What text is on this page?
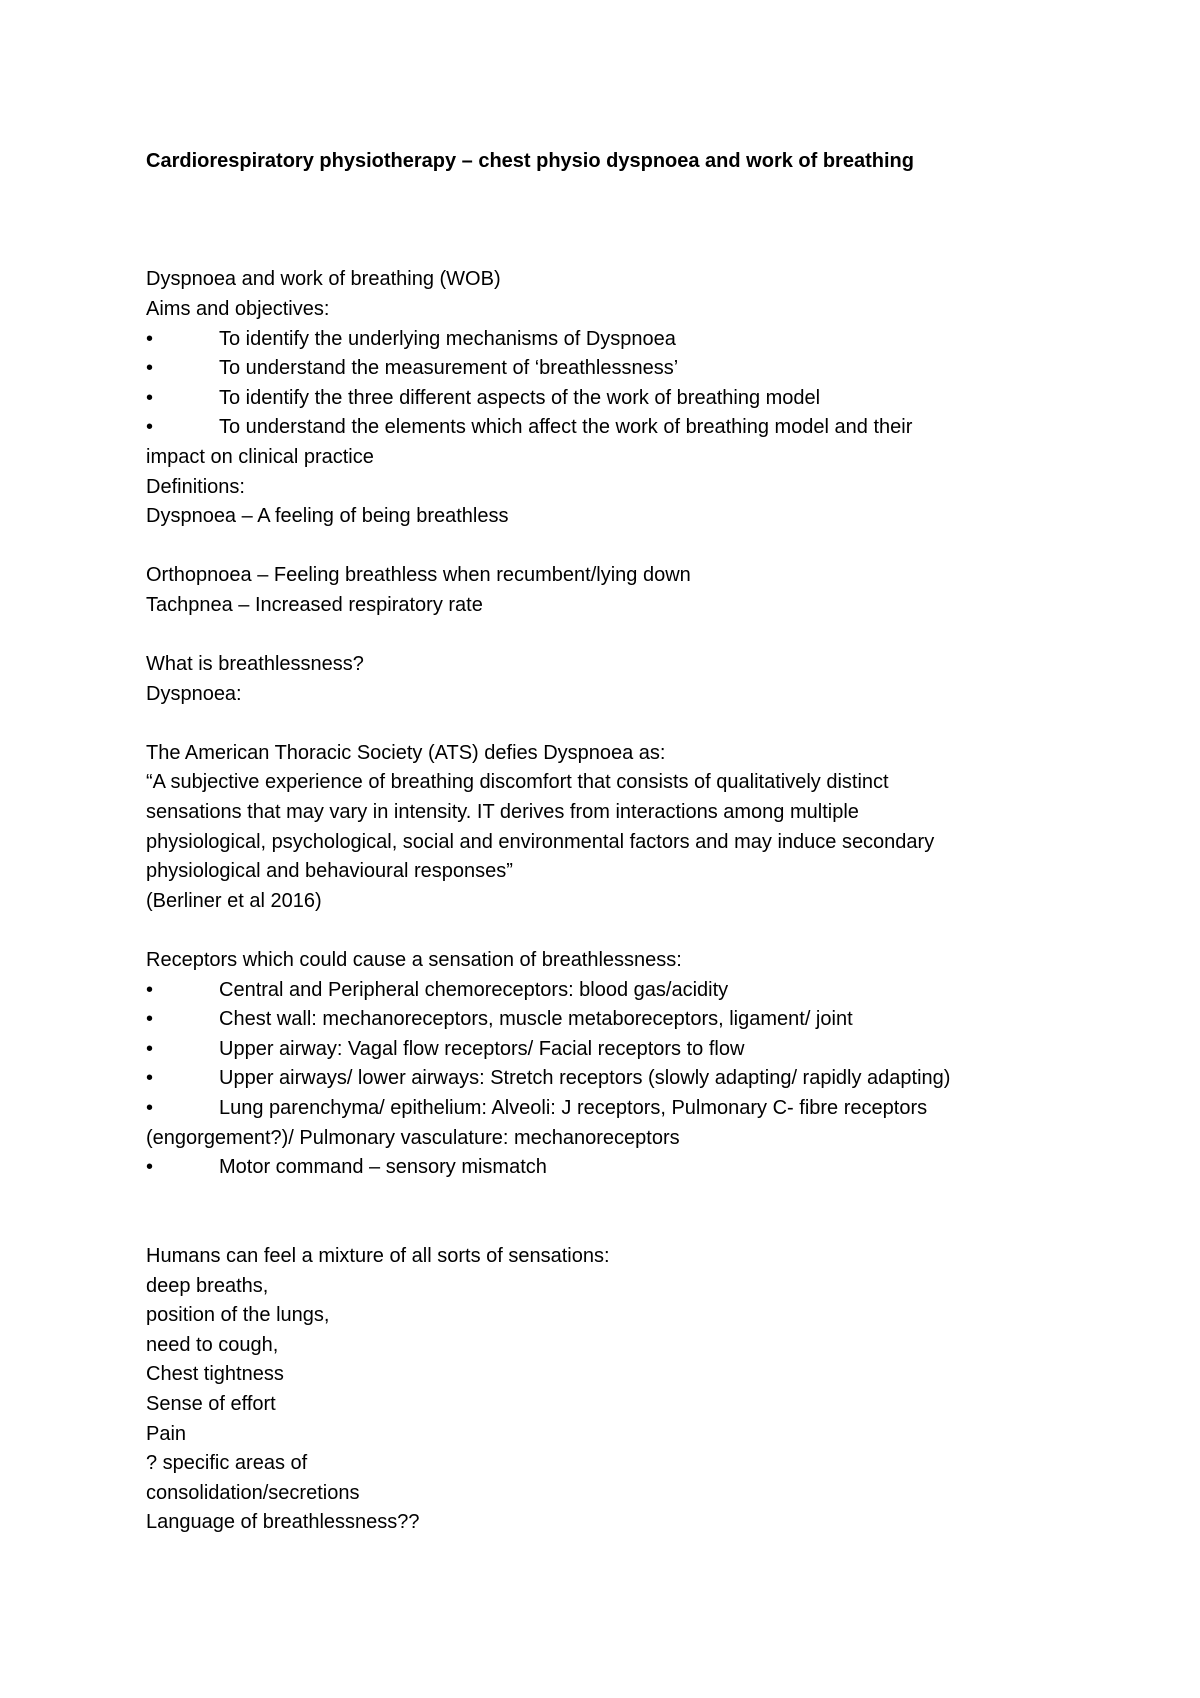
Cardiorespiratory physiotherapy – chest physio dyspnoea and work of breathing

Dyspnoea and work of breathing (WOB)

Aims and objectives:

•	To identify the underlying mechanisms of Dyspnoea
•	To understand the measurement of ‘breathlessness’
•	To identify the three different aspects of the work of breathing model
•	To understand the elements which affect the work of breathing model and their

impact on clinical practice

Definitions:

Dyspnoea – A feeling of being breathless

Orthopnoea – Feeling breathless when recumbent/lying down

Tachpnea – Increased respiratory rate

What is breathlessness?

Dyspnoea:

The American Thoracic Society (ATS) defies Dyspnoea as:

“A subjective experience of breathing discomfort that consists of qualitatively distinct

sensations that may vary in intensity. IT derives from interactions among multiple

physiological, psychological, social and environmental factors and may induce secondary

physiological and behavioural responses”

(Berliner et al 2016)

Receptors which could cause a sensation of breathlessness:

•	Central and Peripheral chemoreceptors: blood gas/acidity
•	Chest wall: mechanoreceptors, muscle metaboreceptors, ligament/ joint
•	Upper airway: Vagal flow receptors/ Facial receptors to flow
•	Upper airways/ lower airways: Stretch receptors (slowly adapting/ rapidly adapting)
•	Lung parenchyma/ epithelium: Alveoli: J receptors, Pulmonary C- fibre receptors

(engorgement?)/ Pulmonary vasculature: mechanoreceptors

•	Motor command – sensory mismatch

Humans can feel a mixture of all sorts of sensations:

deep breaths,

position of the lungs,

need to cough,

Chest tightness

Sense of effort

Pain

? specific areas of

consolidation/secretions

Language of breathlessness??
